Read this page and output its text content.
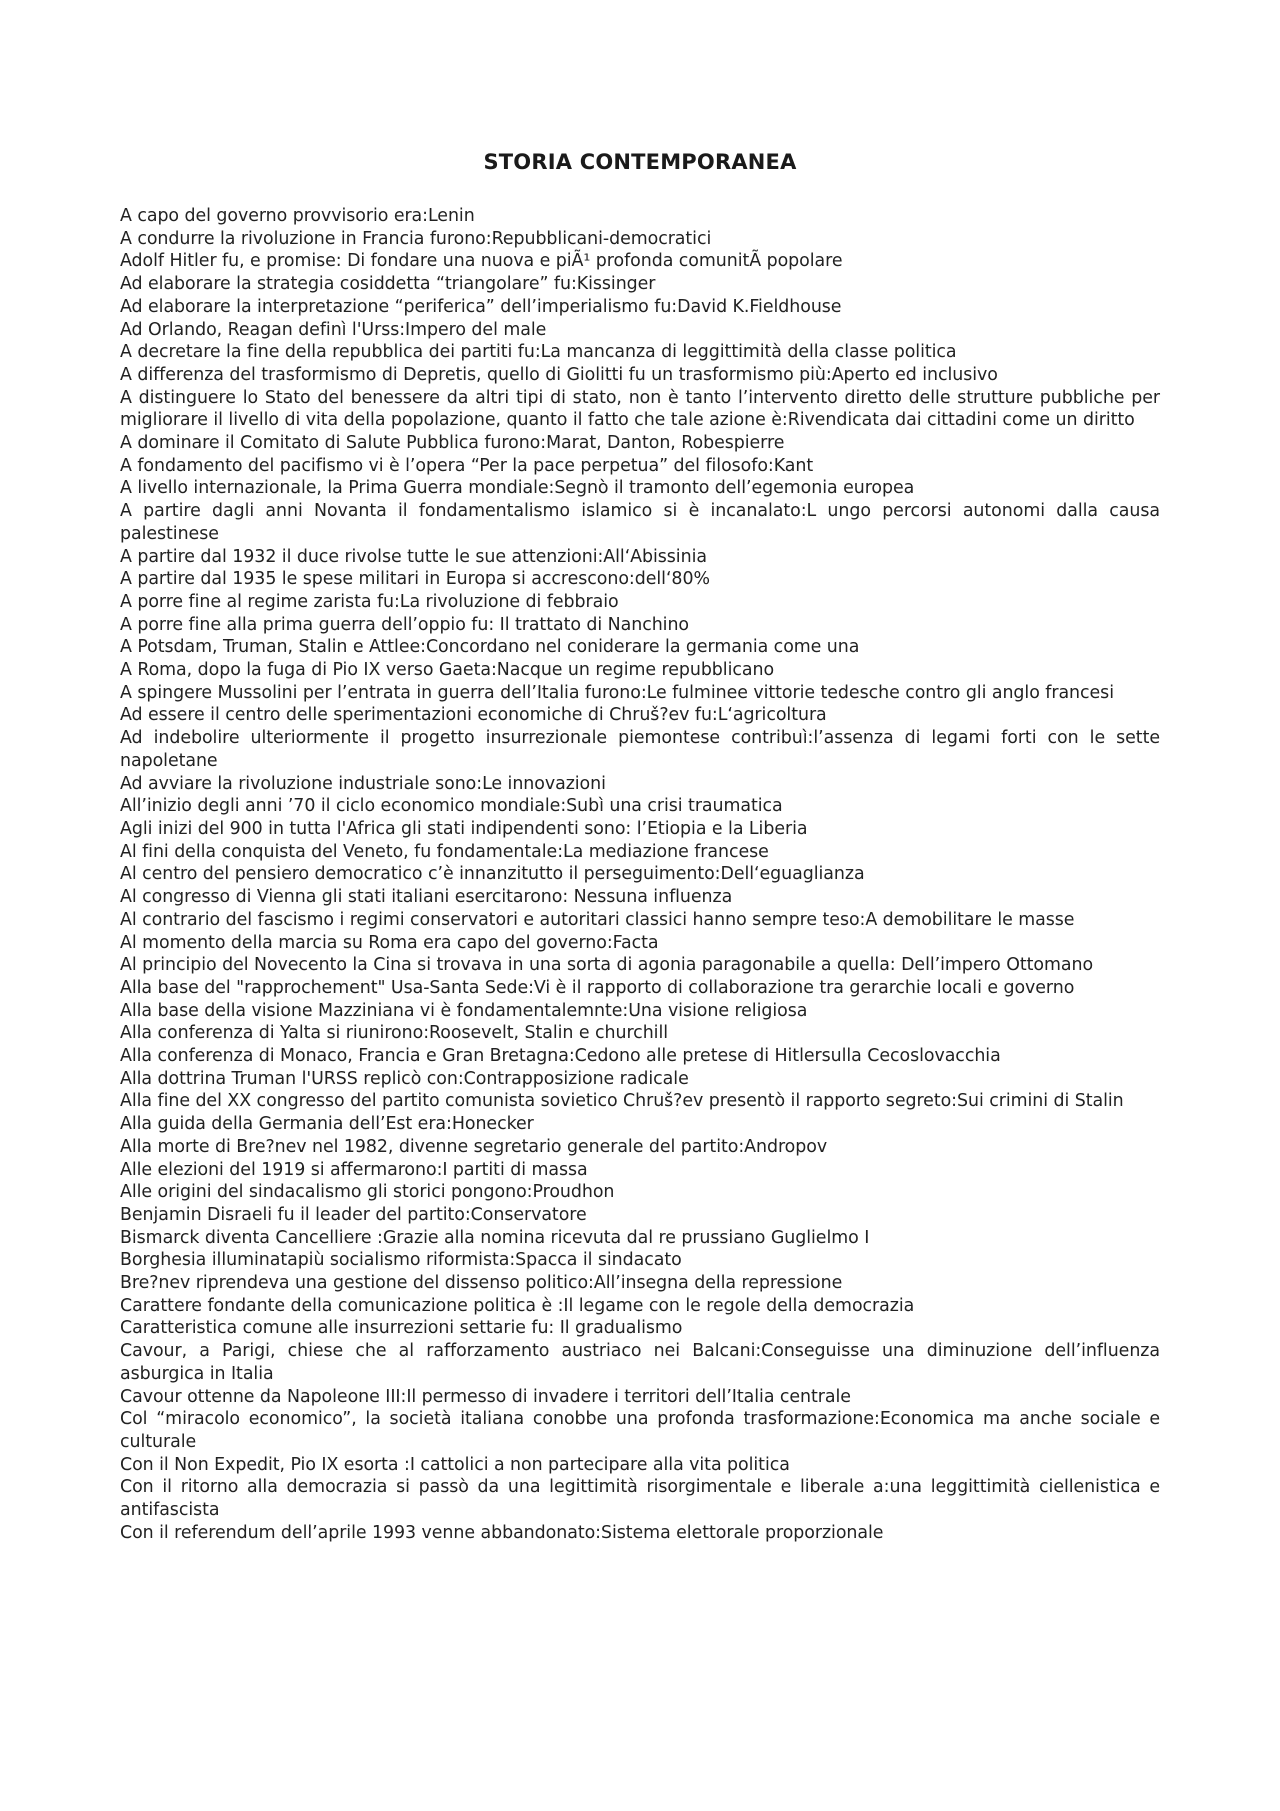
STORIA CONTEMPORANEA

A capo del governo provvisorio era:Lenin

A condurre la rivoluzione in Francia furono:Repubblicani-democratici

Adolf Hitler fu, e promise: Di fondare una nuova e piÃ¹ profonda comunitÃ popolare

Ad elaborare la strategia cosiddetta “triangolare” fu:Kissinger

Ad elaborare la interpretazione “periferica” dell’imperialismo fu:David K.Fieldhouse

Ad Orlando, Reagan definì l'Urss:Impero del male

A decretare la fine della repubblica dei partiti fu:La mancanza di leggittimità della classe politica

A differenza del trasformismo di Depretis, quello di Giolitti fu un trasformismo più:Aperto ed inclusivo

A distinguere lo Stato del benessere da altri tipi di stato, non è tanto l’intervento diretto delle strutture pubbliche per migliorare il livello di vita della popolazione, quanto il fatto che tale azione è:Rivendicata dai cittadini come un diritto

A dominare il Comitato di Salute Pubblica furono:Marat, Danton, Robespierre

A fondamento del pacifismo vi è l’opera “Per la pace perpetua” del filosofo:Kant

A livello internazionale, la Prima Guerra mondiale:Segnò il tramonto dell’egemonia europea

A partire dagli anni Novanta il fondamentalismo islamico si è incanalato:L ungo percorsi autonomi dalla causa palestinese

A partire dal 1932 il duce rivolse tutte le sue attenzioni:All‘Abissinia

A partire dal 1935 le spese militari in Europa si accrescono:dell‘80%

A porre fine al regime zarista fu:La rivoluzione di febbraio

A porre fine alla prima guerra dell’oppio fu: Il trattato di Nanchino

A Potsdam, Truman, Stalin e Attlee:Concordano nel coniderare la germania come una

A Roma, dopo la fuga di Pio IX verso Gaeta:Nacque un regime repubblicano

A spingere Mussolini per l’entrata in guerra dell’Italia furono:Le fulminee vittorie tedesche contro gli anglo francesi

Ad essere il centro delle sperimentazioni economiche di Chruš?ev fu:L‘agricoltura

Ad indebolire ulteriormente il progetto insurrezionale piemontese contribuì:l’assenza di legami forti con le sette napoletane

Ad avviare la rivoluzione industriale sono:Le innovazioni

All’inizio degli anni ’70 il ciclo economico mondiale:Subì una crisi traumatica

Agli inizi del 900 in tutta l'Africa gli stati indipendenti sono: l’Etiopia e la Liberia

Al fini della conquista del Veneto, fu fondamentale:La mediazione francese

Al centro del pensiero democratico c’è innanzitutto il perseguimento:Dell‘eguaglianza

Al congresso di Vienna gli stati italiani esercitarono: Nessuna influenza

Al contrario del fascismo i regimi conservatori e autoritari classici hanno sempre teso:A demobilitare le masse

Al momento della marcia su Roma era capo del governo:Facta

Al principio del Novecento la Cina si trovava in una sorta di agonia paragonabile a quella: Dell’impero Ottomano

Alla base del "rapprochement" Usa-Santa Sede:Vi è il rapporto di collaborazione tra gerarchie locali e governo

Alla base della visione Mazziniana vi è fondamentalemnte:Una visione religiosa

Alla conferenza di Yalta si riunirono:Roosevelt, Stalin e churchill

Alla conferenza di Monaco, Francia e Gran Bretagna:Cedono alle pretese di Hitlersulla Cecoslovacchia

Alla dottrina Truman l'URSS replicò con:Contrapposizione radicale

Alla fine del XX congresso del partito comunista sovietico Chruš?ev presentò il rapporto segreto:Sui crimini di Stalin

Alla guida della Germania dell’Est era:Honecker

Alla morte di Bre?nev nel 1982, divenne segretario generale del partito:Andropov

Alle elezioni del 1919 si affermarono:I partiti di massa

Alle origini del sindacalismo gli storici pongono:Proudhon

Benjamin Disraeli fu il leader del partito:Conservatore

Bismarck diventa Cancelliere :Grazie alla nomina ricevuta dal re prussiano Guglielmo I

Borghesia illuminatapiù socialismo riformista:Spacca il sindacato

Bre?nev riprendeva una gestione del dissenso politico:All’insegna della repressione

Carattere fondante della comunicazione politica è :Il legame con le regole della democrazia

Caratteristica comune alle insurrezioni settarie fu: Il gradualismo

Cavour, a Parigi, chiese che al rafforzamento austriaco nei Balcani:Conseguisse una diminuzione dell’influenza asburgica in Italia

Cavour ottenne da Napoleone III:Il permesso di invadere i territori dell’Italia centrale

Col “miracolo economico”, la società italiana conobbe una profonda trasformazione:Economica ma anche sociale e culturale

Con il Non Expedit, Pio IX esorta :I cattolici a non partecipare alla vita politica

Con il ritorno alla democrazia si passò da una legittimità risorgimentale e liberale a:una leggittimità ciellenistica e antifascista

Con il referendum dell’aprile 1993 venne abbandonato:Sistema elettorale proporzionale
